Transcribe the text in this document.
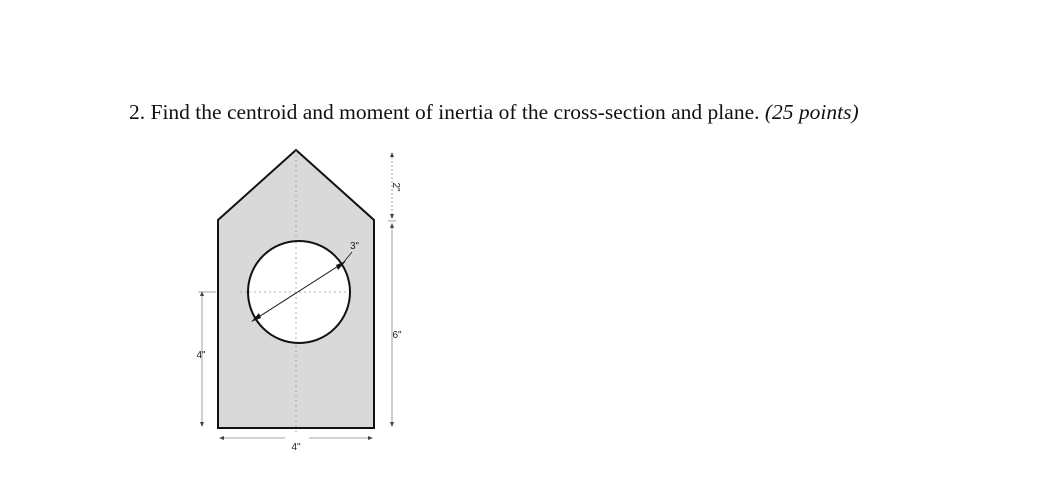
2. Find the centroid and moment of inertia of the cross-section and plane. (25 points)
3"
2"
6"
4"
4"
